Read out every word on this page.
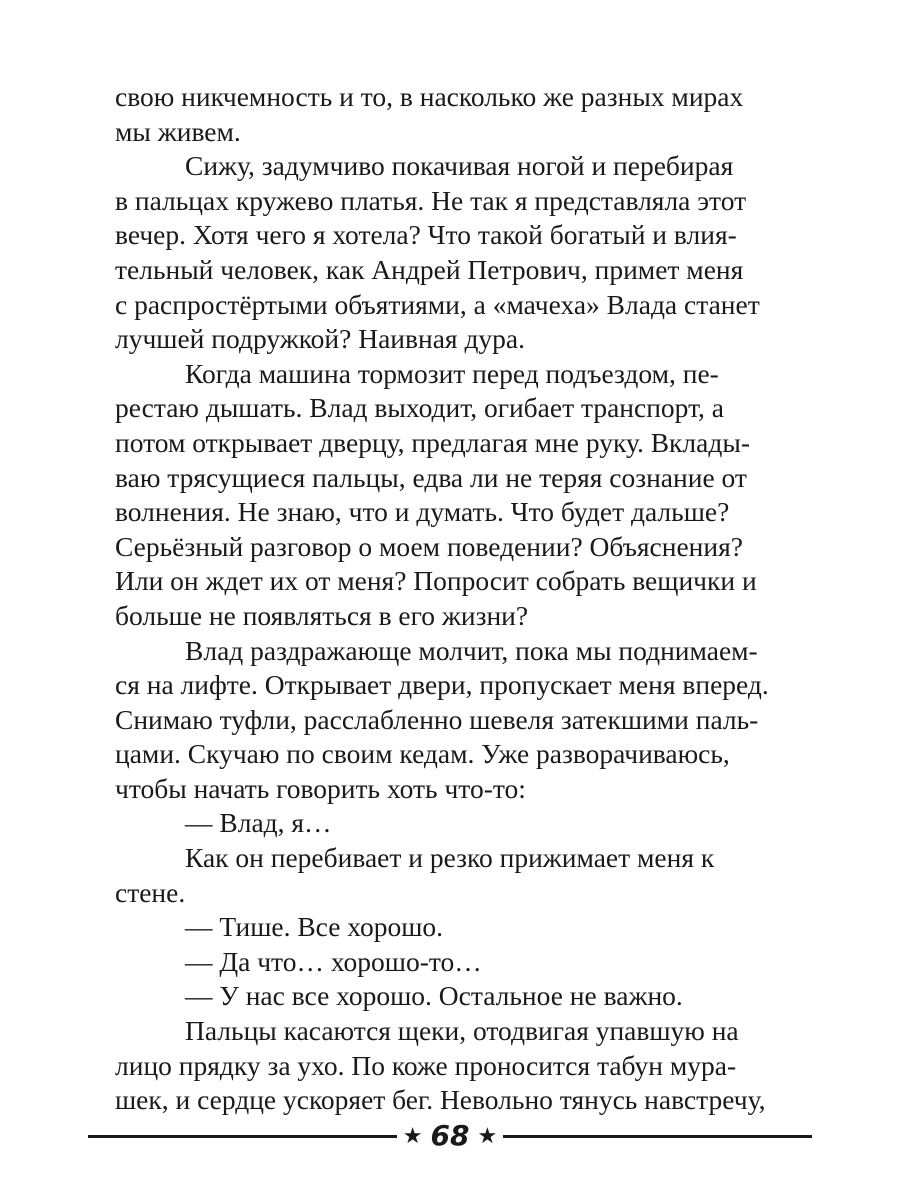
свою никчемность и то, в насколько же разных мирах
мы живем.
Сижу, задумчиво покачивая ногой и перебирая
в пальцах кружево платья. Не так я представляла этот
вечер. Хотя чего я хотела? Что такой богатый и влия-
тельный человек, как Андрей Петрович, примет меня
с распростёртыми объятиями, а «мачеха» Влада станет
лучшей подружкой? Наивная дура.
Когда машина тормозит перед подъездом, пе-
рестаю дышать. Влад выходит, огибает транспорт, а
потом открывает дверцу, предлагая мне руку. Вклады-
ваю трясущиеся пальцы, едва ли не теряя сознание от
волнения. Не знаю, что и думать. Что будет дальше?
Серьёзный разговор о моем поведении? Объяснения?
Или он ждет их от меня? Попросит собрать вещички и
больше не появляться в его жизни?
Влад раздражающе молчит, пока мы поднимаем-
ся на лифте. Открывает двери, пропускает меня вперед.
Снимаю туфли, расслабленно шевеля затекшими паль-
цами. Скучаю по своим кедам. Уже разворачиваюсь,
чтобы начать говорить хоть что-то:
— Влад, я…
Как он перебивает и резко прижимает меня к
стене.
— Тише. Все хорошо.
— Да что… хорошо-то…
— У нас все хорошо. Остальное не важно.
Пальцы касаются щеки, отодвигая упавшую на
лицо прядку за ухо. По коже проносится табун мура-
шек, и сердце ускоряет бег. Невольно тянусь навстречу,
★ 68 ★
